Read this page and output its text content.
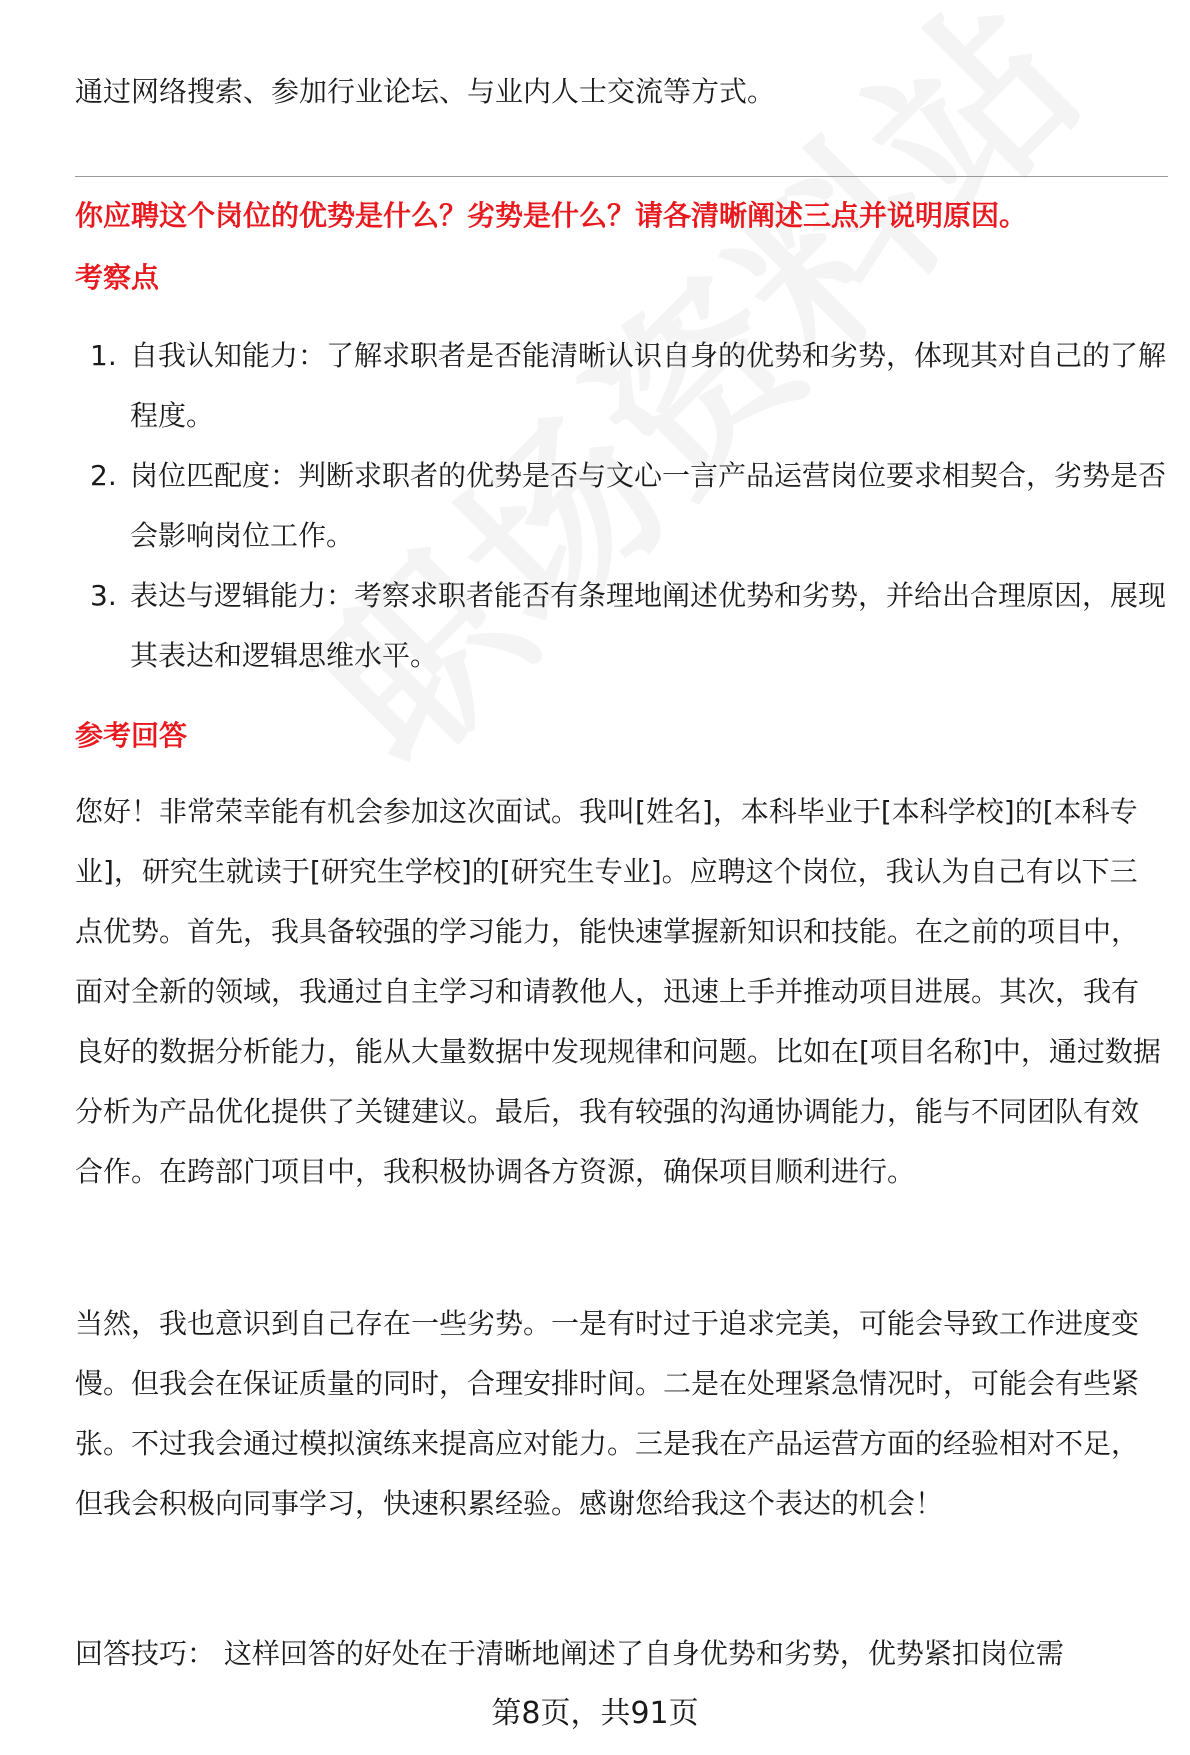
通过网络搜索、参加行业论坛、与业内人士交流等方式。
你应聘这个岗位的优势是什么？劣势是什么？请各清晰阐述三点并说明原因。
考察点
1. 自我认知能力：了解求职者是否能清晰认识自身的优势和劣势，体现其对自己的了解程度。
2. 岗位匹配度：判断求职者的优势是否与文心一言产品运营岗位要求相契合，劣势是否会影响岗位工作。
3. 表达与逻辑能力：考察求职者能否有条理地阐述优势和劣势，并给出合理原因，展现其表达和逻辑思维水平。
参考回答
您好！非常荣幸能有机会参加这次面试。我叫[姓名]，本科毕业于[本科学校]的[本科专业]，研究生就读于[研究生学校]的[研究生专业]。应聘这个岗位，我认为自己有以下三点优势。首先，我具备较强的学习能力，能快速掌握新知识和技能。在之前的项目中，面对全新的领域，我通过自主学习和请教他人，迅速上手并推动项目进展。其次，我有良好的数据分析能力，能从大量数据中发现规律和问题。比如在[项目名称]中，通过数据分析为产品优化提供了关键建议。最后，我有较强的沟通协调能力，能与不同团队有效合作。在跨部门项目中，我积极协调各方资源，确保项目顺利进行。
当然，我也意识到自己存在一些劣势。一是有时过于追求完美，可能会导致工作进度变慢。但我会在保证质量的同时，合理安排时间。二是在处理紧急情况时，可能会有些紧张。不过我会通过模拟演练来提高应对能力。三是我在产品运营方面的经验相对不足，但我会积极向同事学习，快速积累经验。感谢您给我这个表达的机会！
回答技巧： 这样回答的好处在于清晰地阐述了自身优势和劣势，优势紧扣岗位需
第8页，共91页
